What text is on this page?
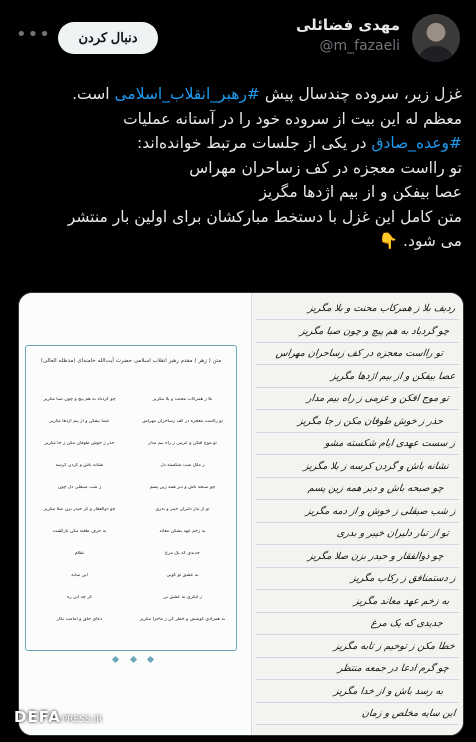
مهدی فضائلی
@m_fazaeli
دنبال کردن
•••

غزل زیر، سروده چندسال پیش #رهبر_انقلاب_اسلامی است.

معظم له این بیت از سروده خود را در آستانه عملیات

#وعده_صادق در یکی از جلسات مرتبط خوانده‌اند:

تو رااست معجزه در کف زساحران مهراس

عصا بیفکن و از بیم اژدها مگریز

متن کامل این غزل با دستخط مبارکشان برای اولین بار منتشر

می شود. 👇

متن ( زهر ) مقدم رهبر انقلاب اسلامی حضرت آیت‌الله خامنه‌ای (مدظله العالی)
بلا ز همرکاب محنت و بلا مگریز
چو گردباد به هم پیچ و چون صبا مگریز
تو رااست معجزه در کف زساحران مهراس
عصا بیفکن و از بیم اژدها مگریز
تو موج افکن و عزمی ز راه بیم مدار
حذر ز خوش طوفان مکن ز جا مگریز
ز ملک شب شکسته دل
نشانه باش و گردن کرسه
چو صبحه باش و دیر همه زین پسم
ز شب صیقلی دل چون
تو از تبار دلیران خیبر و بدری
چو ذوالفقار و گر حیدر بزن صلا مگریز
به زخم عهد بشکن معاند
به حرف طعنه مکن بازگشت
جدیدی که یک مرغ
نظام
به عشق تو گویی
این سایه
ز لنگری به عشق بی
گر چه این ره
به همرادی کوشش و خطر کن ز ماجرا مگریز
دعای خلق و امامت نگار
ردیف بلا ز همرکاب محنت و بلا مگریز
چو گردباد به هم پیچ و چون صبا مگریز
تو رااست معجزه در کف زساحران مهراس
عصا بیفکن و از بیم اژدها مگریز
تو موج افکن و عزمی ز راه بیم مدار
حذر ز خوش طوفان مکن ز جا مگریز
ز سست عهدی ایام شکسته مشو
نشانه باش و گردن کرسه ز بلا مگریز
چو صبحه باش و دیر همه زین پسم
ز شب صیقلی ز خوش و از دمه مگریز
تو از تبار دلیران خیبر و بدری
چو ذوالفقار و حیدر بزن صلا مگریز
ز دستمنافق ز رکاب مگریز
به زخم عهد معاند مگریز
جدیدی که یک مرغ
خطا مکن ز توحیم ز تابه مگریز
چو گرم ادعا در جمعه منتظر
به رسد باش و از خدا مگریز
این سایه مخلص و زمان
DEFA PRESS.IR
